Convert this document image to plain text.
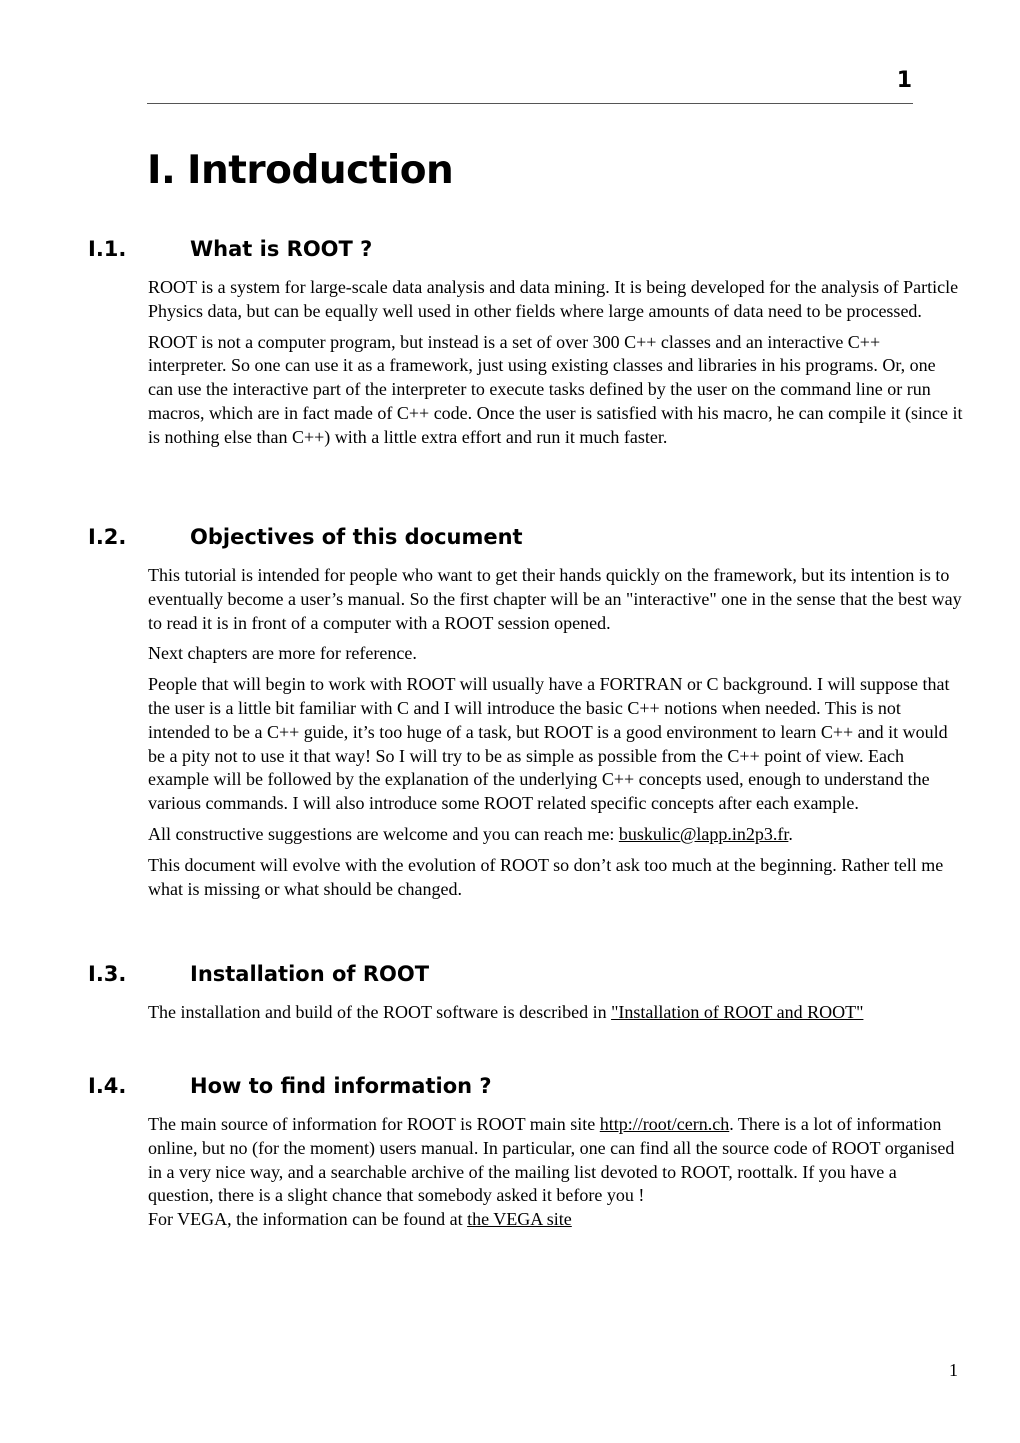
1
I. Introduction
I.1.	What is ROOT ?

ROOT is a system for large-scale data analysis and data mining. It is being developed for the analysis of Particle Physics data, but can be equally well used in other fields where large amounts of data need to be processed.

ROOT is not a computer program, but instead is a set of over 300 C++ classes and an interactive C++ interpreter. So one can use it as a framework, just using existing classes and libraries in his programs. Or, one can use the interactive part of the interpreter to execute tasks defined by the user on the command line or run macros, which are in fact made of C++ code. Once the user is satisfied with his macro, he can compile it (since it is nothing else than C++) with a little extra effort and run it much faster.

I.2.	Objectives of this document

This tutorial is intended for people who want to get their hands quickly on the framework, but its intention is to eventually become a user’s manual. So the first chapter will be an "interactive" one in the sense that the best way to read it is in front of a computer with a ROOT session opened.

Next chapters are more for reference.

People that will begin to work with ROOT will usually have a FORTRAN or C background. I will suppose that the user is a little bit familiar with C and I will introduce the basic C++ notions when needed. This is not intended to be a C++ guide, it’s too huge of a task, but ROOT is a good environment to learn C++ and it would be a pity not to use it that way! So I will try to be as simple as possible from the C++ point of view. Each example will be followed by the explanation of the underlying C++ concepts used, enough to understand the various commands. I will also introduce some ROOT related specific concepts after each example.

All constructive suggestions are welcome and you can reach me: buskulic@lapp.in2p3.fr.

This document will evolve with the evolution of ROOT so don’t ask too much at the beginning. Rather tell me what is missing or what should be changed.

I.3.	Installation of ROOT

The installation and build of the ROOT software is described in "Installation of ROOT and ROOT"

I.4.	How to find information ?

The main source of information for ROOT is ROOT main site http://root/cern.ch. There is a lot of information online, but no (for the moment) users manual. In particular, one can find all the source code of ROOT organised in a very nice way, and a searchable archive of the mailing list devoted to ROOT, roottalk. If you have a question, there is a slight chance that somebody asked it before you !

For VEGA, the information can be found at the VEGA site

1
